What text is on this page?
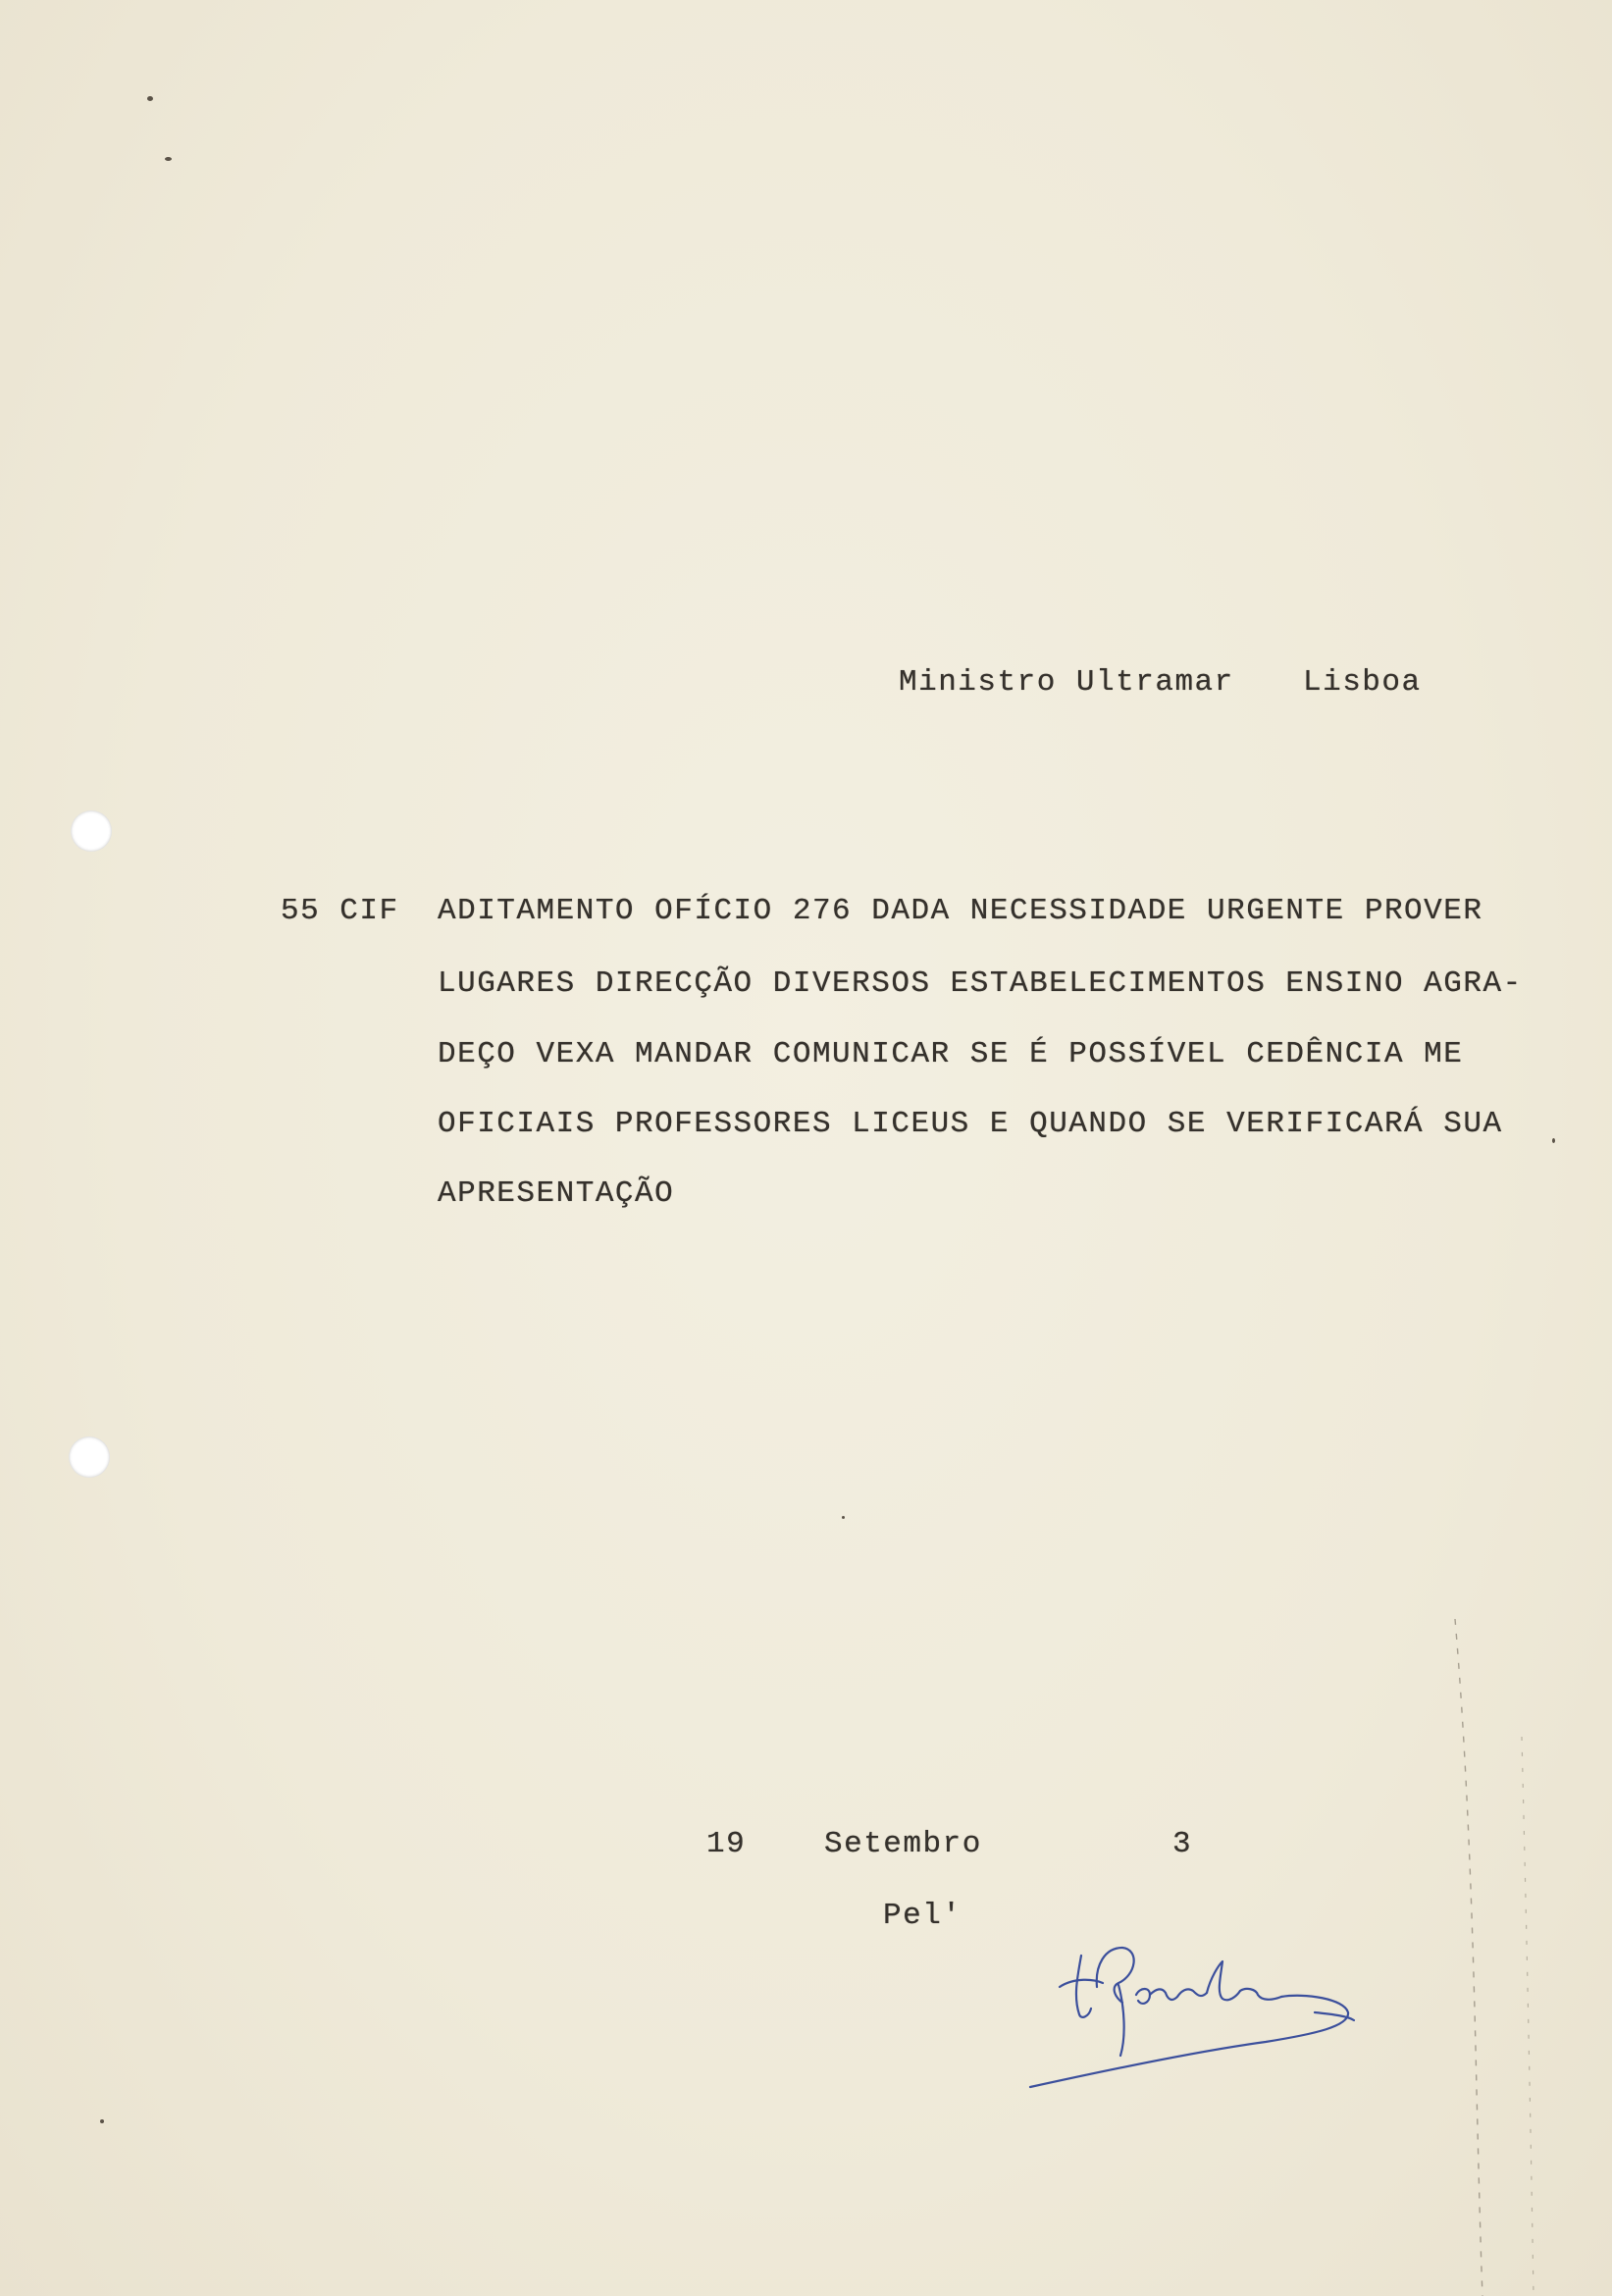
Ministro Ultramar Lisboa
55 CIF ADITAMENTO OFÍCIO 276 DADA NECESSIDADE URGENTE PROVER
LUGARES DIRECÇÃO DIVERSOS ESTABELECIMENTOS ENSINO AGRA-
DEÇO VEXA MANDAR COMUNICAR SE É POSSÍVEL CEDÊNCIA ME
OFICIAIS PROFESSORES LICEUS E QUANDO SE VERIFICARÁ SUA
APRESENTAÇÃO
19	Setembro	3
Pel'
